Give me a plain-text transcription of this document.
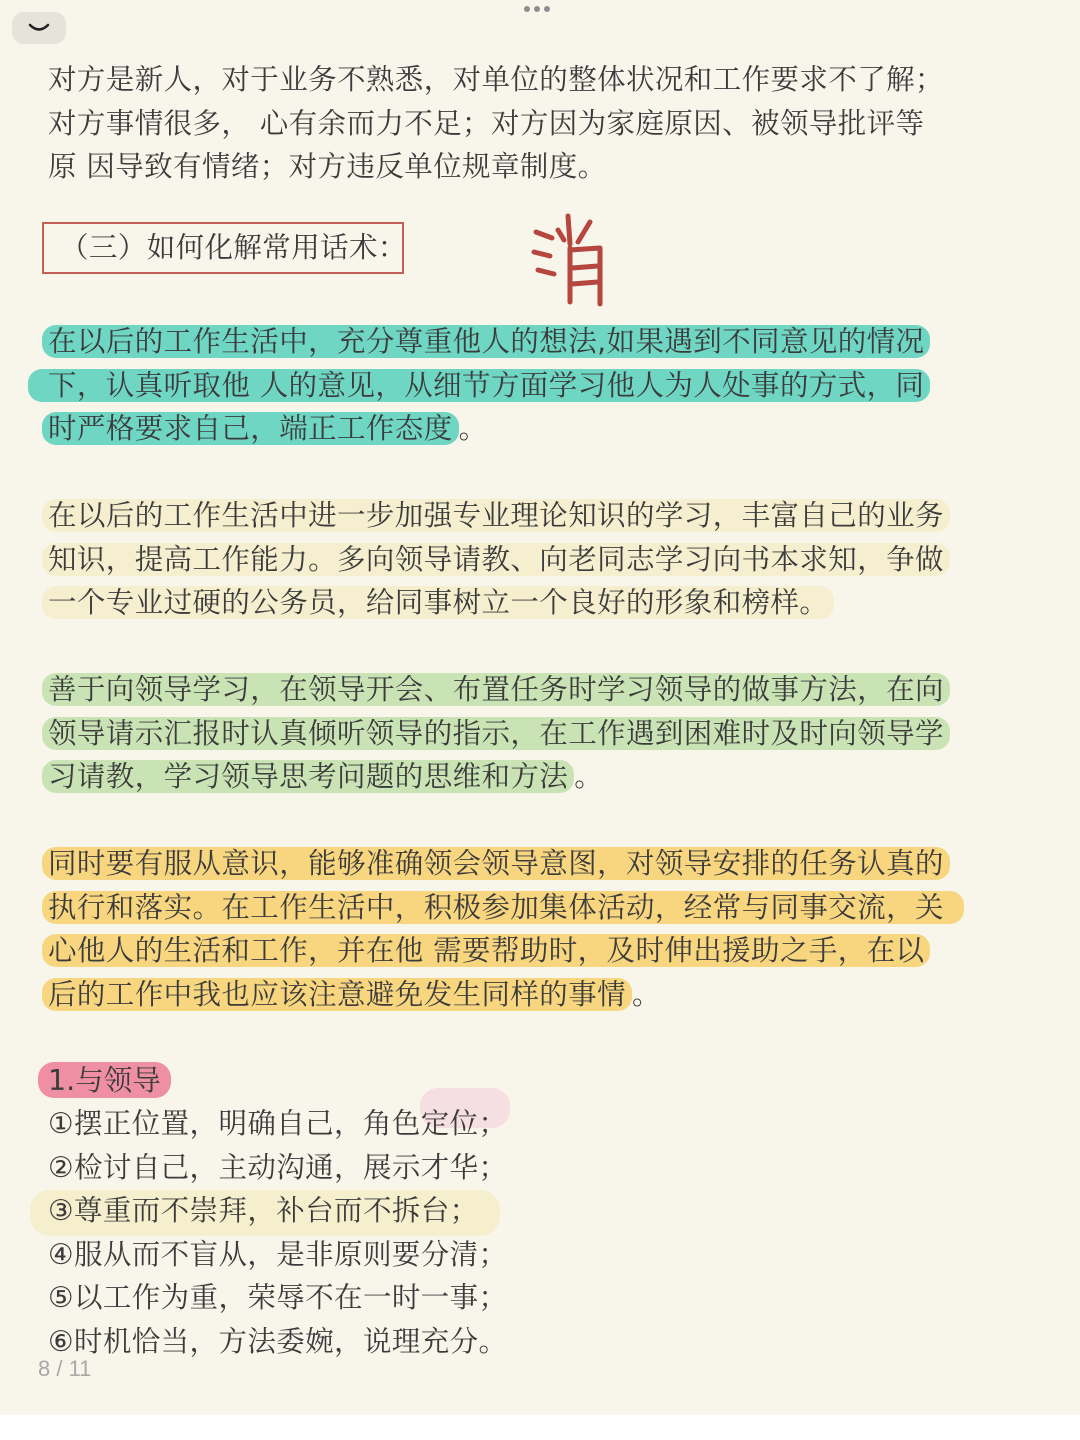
对方是新人，对于业务不熟悉，对单位的整体状况和工作要求不了解；
对方事情很多， 心有余而力不足；对方因为家庭原因、被领导批评等
原 因导致有情绪；对方违反单位规章制度。
（三）如何化解常用话术：
在以后的工作生活中，充分尊重他人的想法,如果遇到不同意见的情况
下，认真听取他 人的意见，从细节方面学习他人为人处事的方式，同
时严格要求自己，端正工作态度 。
在以后的工作生活中进一步加强专业理论知识的学习，丰富自己的业务
知识，提高工作能力。多向领导请教、向老同志学习向书本求知，争做
一个专业过硬的公务员，给同事树立一个良好的形象和榜样。
善于向领导学习，在领导开会、布置任务时学习领导的做事方法，在向
领导请示汇报时认真倾听领导的指示，在工作遇到困难时及时向领导学
习请教，学习领导思考问题的思维和方法 。
同时要有服从意识，能够准确领会领导意图，对领导安排的任务认真的
执行和落实。在工作生活中，积极参加集体活动，经常与同事交流，关
心他人的生活和工作，并在他 需要帮助时，及时伸出援助之手，在以
后的工作中我也应该注意避免发生同样的事情 。
1.与领导
①摆正位置，明确自己，角色定位；
②检讨自己，主动沟通，展示才华；
③尊重而不崇拜，补台而不拆台；
④服从而不盲从，是非原则要分清；
⑤以工作为重，荣辱不在一时一事；
⑥时机恰当，方法委婉，说理充分。
8 / 11
